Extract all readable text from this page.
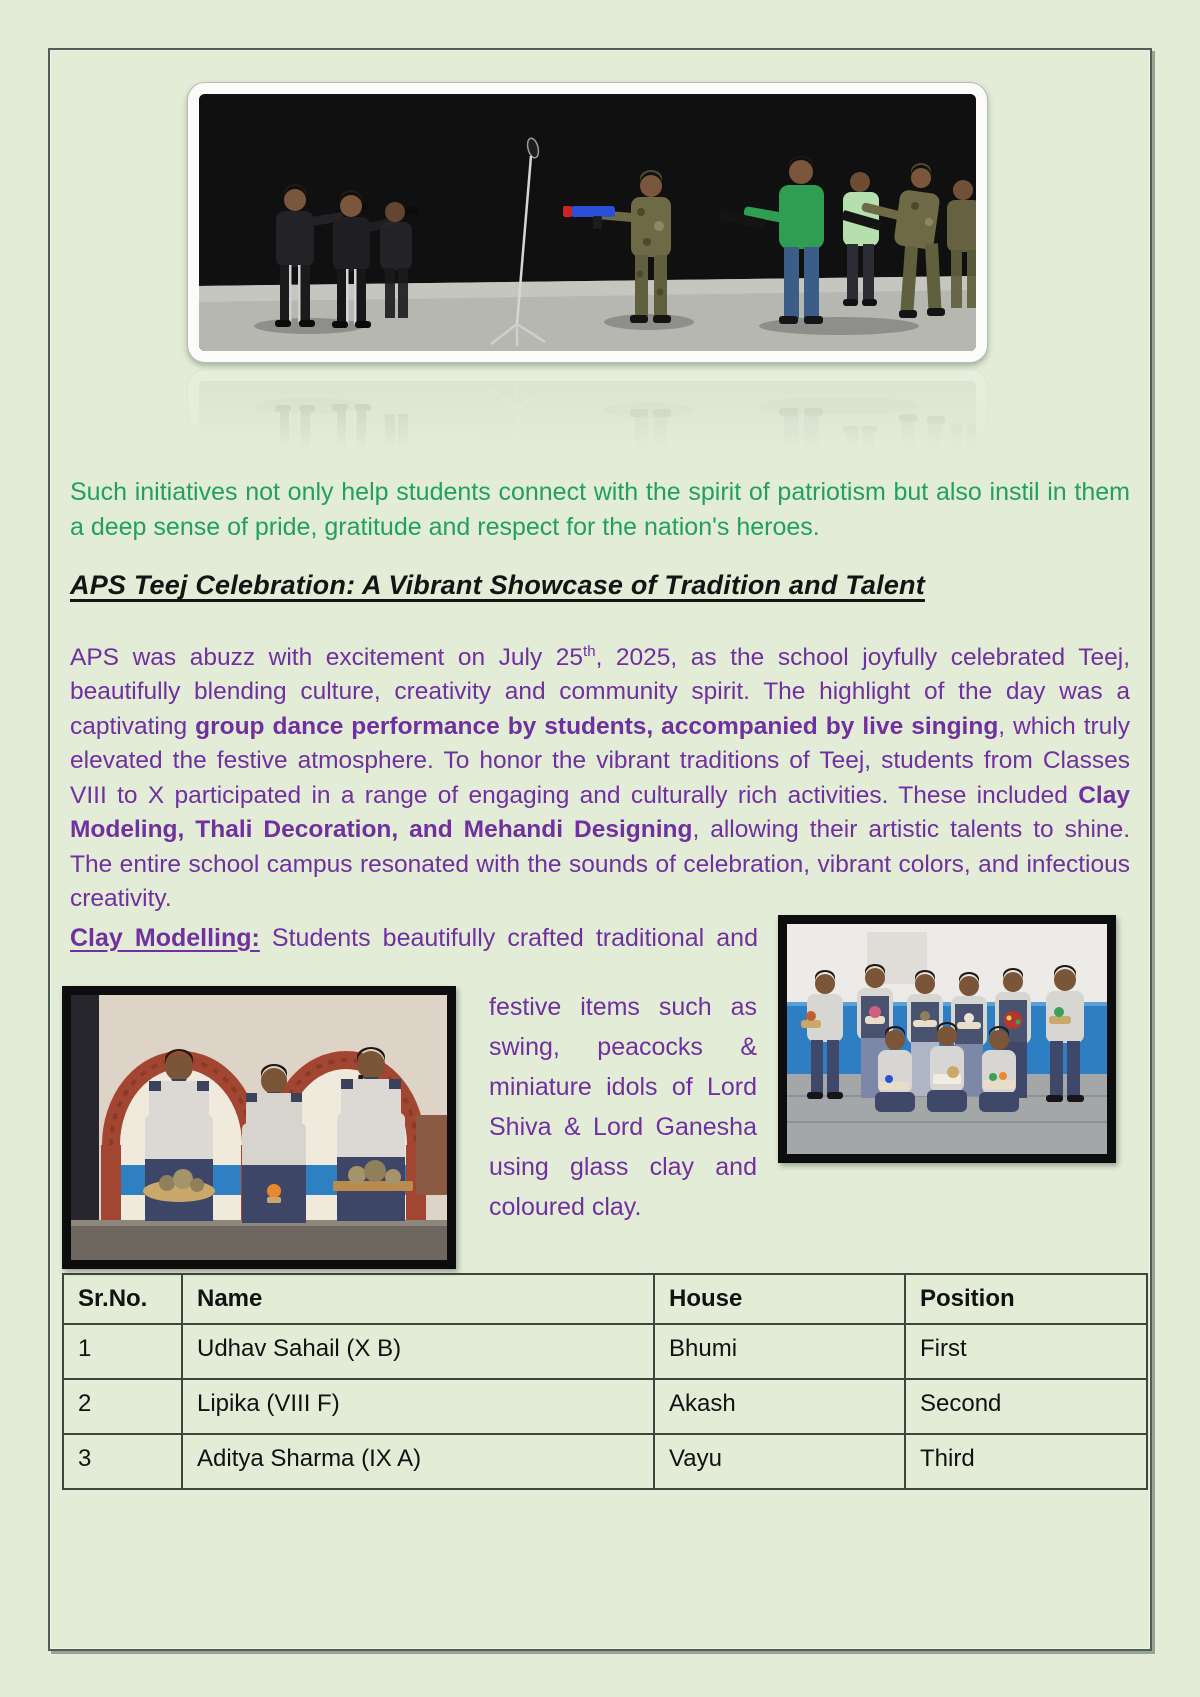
Such initiatives not only help students connect with the spirit of patriotism but also instil in them a deep sense of pride, gratitude and respect for the nation's heroes.

APS Teej Celebration: A Vibrant Showcase of Tradition and Talent

APS was abuzz with excitement on July 25th, 2025, as the school joyfully celebrated Teej, beautifully blending culture, creativity and community spirit. The highlight of the day was a captivating group dance performance by students, accompanied by live singing, which truly elevated the festive atmosphere. To honor the vibrant traditions of Teej, students from Classes VIII to X participated in a range of engaging and culturally rich activities. These included Clay Modeling, Thali Decoration, and Mehandi Designing, allowing their artistic talents to shine. The entire school campus resonated with the sounds of celebration, vibrant colors, and infectious creativity.

Clay Modelling: Students beautifully crafted traditional and

festive items such as swing, peacocks & miniature idols of Lord Shiva & Lord Ganesha using glass clay and coloured clay.

Sr.No.	Name	House	Position
1	Udhav Sahail (X B)	Bhumi	First
2	Lipika (VIII F)	Akash	Second
3	Aditya Sharma (IX A)	Vayu	Third
